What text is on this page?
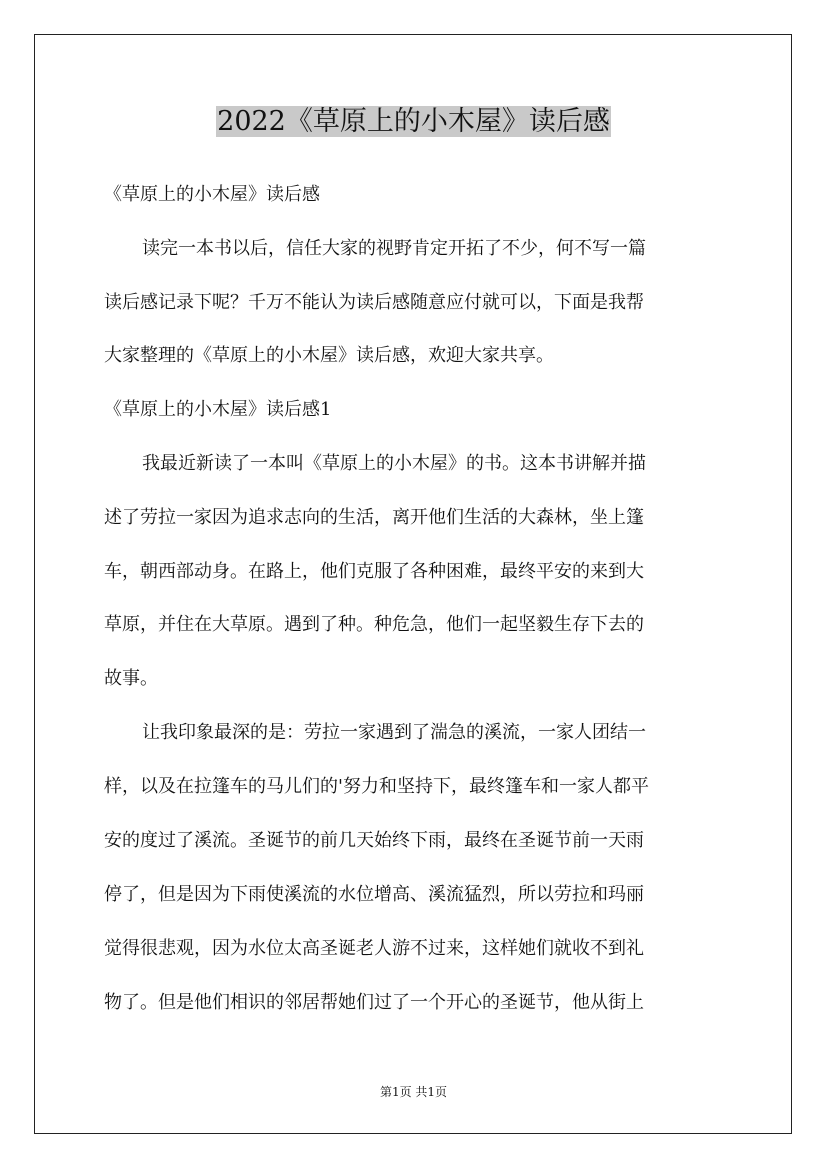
2022《草原上的小木屋》读后感
《草原上的小木屋》读后感
读完一本书以后，信任大家的视野肯定开拓了不少，何不写一篇
读后感记录下呢？千万不能认为读后感随意应付就可以，下面是我帮
大家整理的《草原上的小木屋》读后感，欢迎大家共享。
《草原上的小木屋》读后感1
我最近新读了一本叫《草原上的小木屋》的书。这本书讲解并描
述了劳拉一家因为追求志向的生活，离开他们生活的大森林，坐上篷
车，朝西部动身。在路上，他们克服了各种困难，最终平安的来到大
草原，并住在大草原。遇到了种。种危急，他们一起坚毅生存下去的
故事。
让我印象最深的是：劳拉一家遇到了湍急的溪流，一家人团结一
样，以及在拉篷车的马儿们的'努力和坚持下，最终篷车和一家人都平
安的度过了溪流。圣诞节的前几天始终下雨，最终在圣诞节前一天雨
停了，但是因为下雨使溪流的水位增高、溪流猛烈，所以劳拉和玛丽
觉得很悲观，因为水位太高圣诞老人游不过来，这样她们就收不到礼
物了。但是他们相识的邻居帮她们过了一个开心的圣诞节，他从街上
第1页 共1页
